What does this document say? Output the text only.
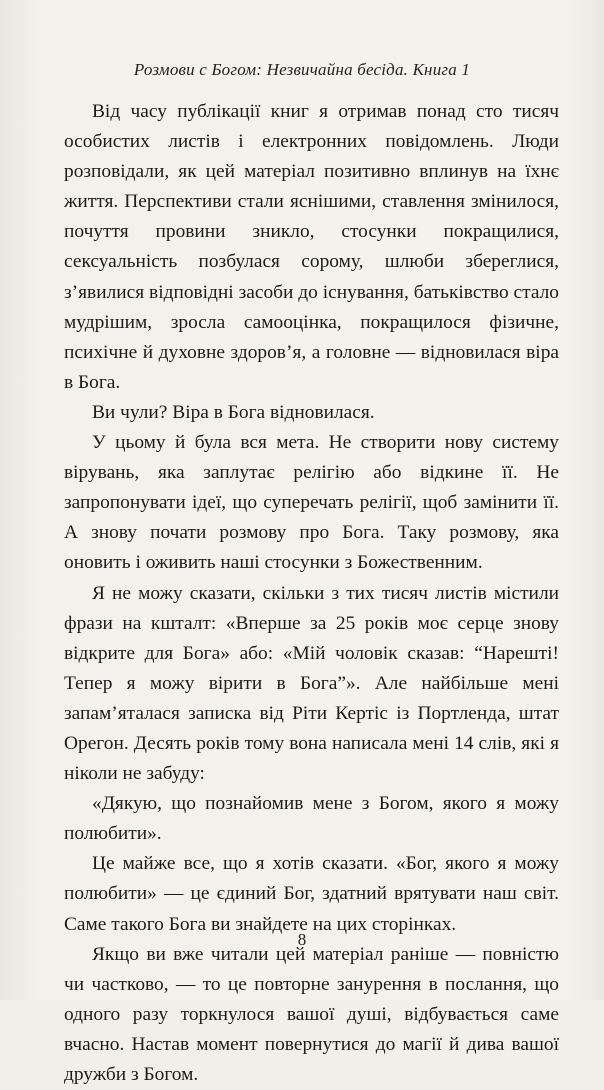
Розмови с Богом: Незвичайна бесіда. Книга 1

Від часу публікації книг я отримав понад сто тисяч особистих листів і електронних повідомлень. Люди розповідали, як цей матеріал позитивно вплинув на їхнє життя. Перспективи стали яснішими, ставлення змінилося, почуття провини зникло, стосунки покращилися, сексуальність позбулася сорому, шлюби збереглися, з’явилися відповідні засоби до існування, батьківство стало мудрішим, зросла самооцінка, покращилося фізичне, психічне й духовне здоров’я, а головне — відновилася віра в Бога.

Ви чули? Віра в Бога відновилася.

У цьому й була вся мета. Не створити нову систему вірувань, яка заплутає релігію або відкине її. Не запропонувати ідеї, що суперечать релігії, щоб замінити її. А знову почати розмову про Бога. Таку розмову, яка оновить і оживить наші стосунки з Божественним.

Я не можу сказати, скільки з тих тисяч листів містили фрази на кшталт: «Вперше за 25 років моє серце знову відкрите для Бога» або: «Мій чоловік сказав: “Нарешті! Тепер я можу вірити в Бога”». Але найбільше мені запам’яталася записка від Ріти Кертіс із Портленда, штат Орегон. Десять років тому вона написала мені 14 слів, які я ніколи не забуду:

«Дякую, що познайомив мене з Богом, якого я можу полюбити».

Це майже все, що я хотів сказати. «Бог, якого я можу полюбити» — це єдиний Бог, здатний врятувати наш світ. Саме такого Бога ви знайдете на цих сторінках.

Якщо ви вже читали цей матеріал раніше — повністю чи частково, — то це повторне занурення в послання, що одного разу торкнулося вашої душі, відбувається саме вчасно. Настав момент повернутися до магії й дива вашої дружби з Богом.

8
